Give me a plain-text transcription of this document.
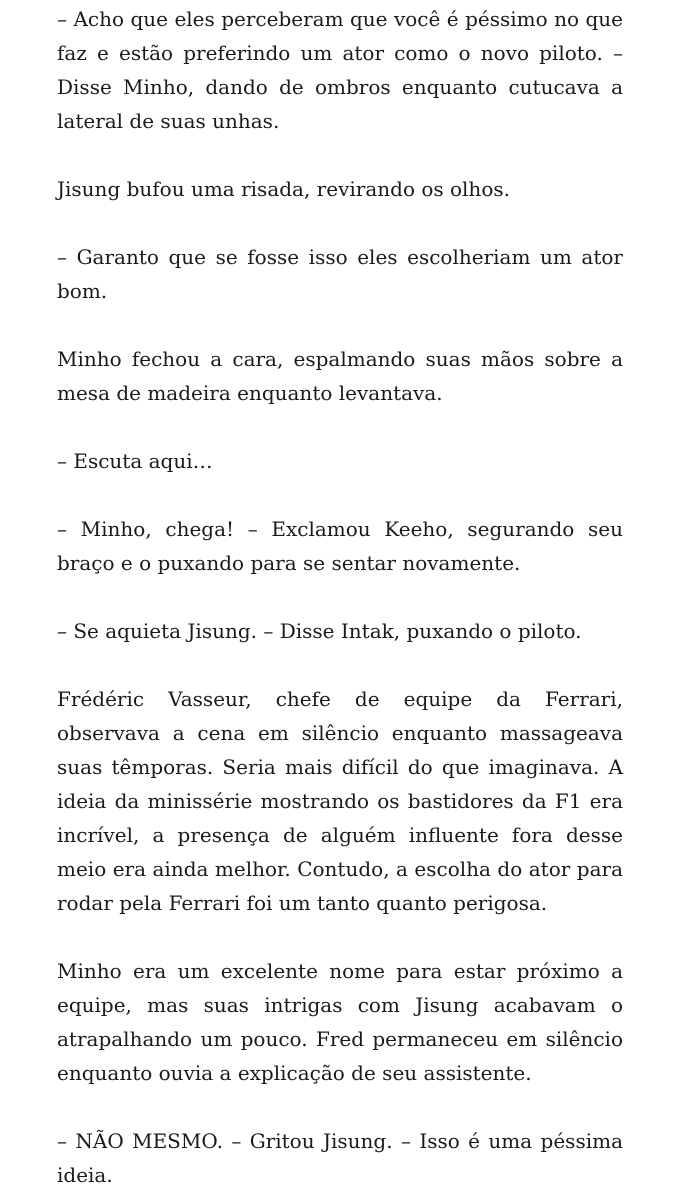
– Acho que eles perceberam que você é péssimo no que faz e estão preferindo um ator como o novo piloto. – Disse Minho, dando de ombros enquanto cutucava a lateral de suas unhas.

Jisung bufou uma risada, revirando os olhos.

– Garanto que se fosse isso eles escolheriam um ator bom.

Minho fechou a cara, espalmando suas mãos sobre a mesa de madeira enquanto levantava.

– Escuta aqui…

– Minho, chega! – Exclamou Keeho, segurando seu braço e o puxando para se sentar novamente.

– Se aquieta Jisung. – Disse Intak, puxando o piloto.

Frédéric Vasseur, chefe de equipe da Ferrari, observava a cena em silêncio enquanto massageava suas têmporas. Seria mais difícil do que imaginava. A ideia da minissérie mostrando os bastidores da F1 era incrível, a presença de alguém influente fora desse meio era ainda melhor. Contudo, a escolha do ator para rodar pela Ferrari foi um tanto quanto perigosa.

Minho era um excelente nome para estar próximo a equipe, mas suas intrigas com Jisung acabavam o atrapalhando um pouco. Fred permaneceu em silêncio enquanto ouvia a explicação de seu assistente.

– NÃO MESMO. – Gritou Jisung. – Isso é uma péssima ideia.
